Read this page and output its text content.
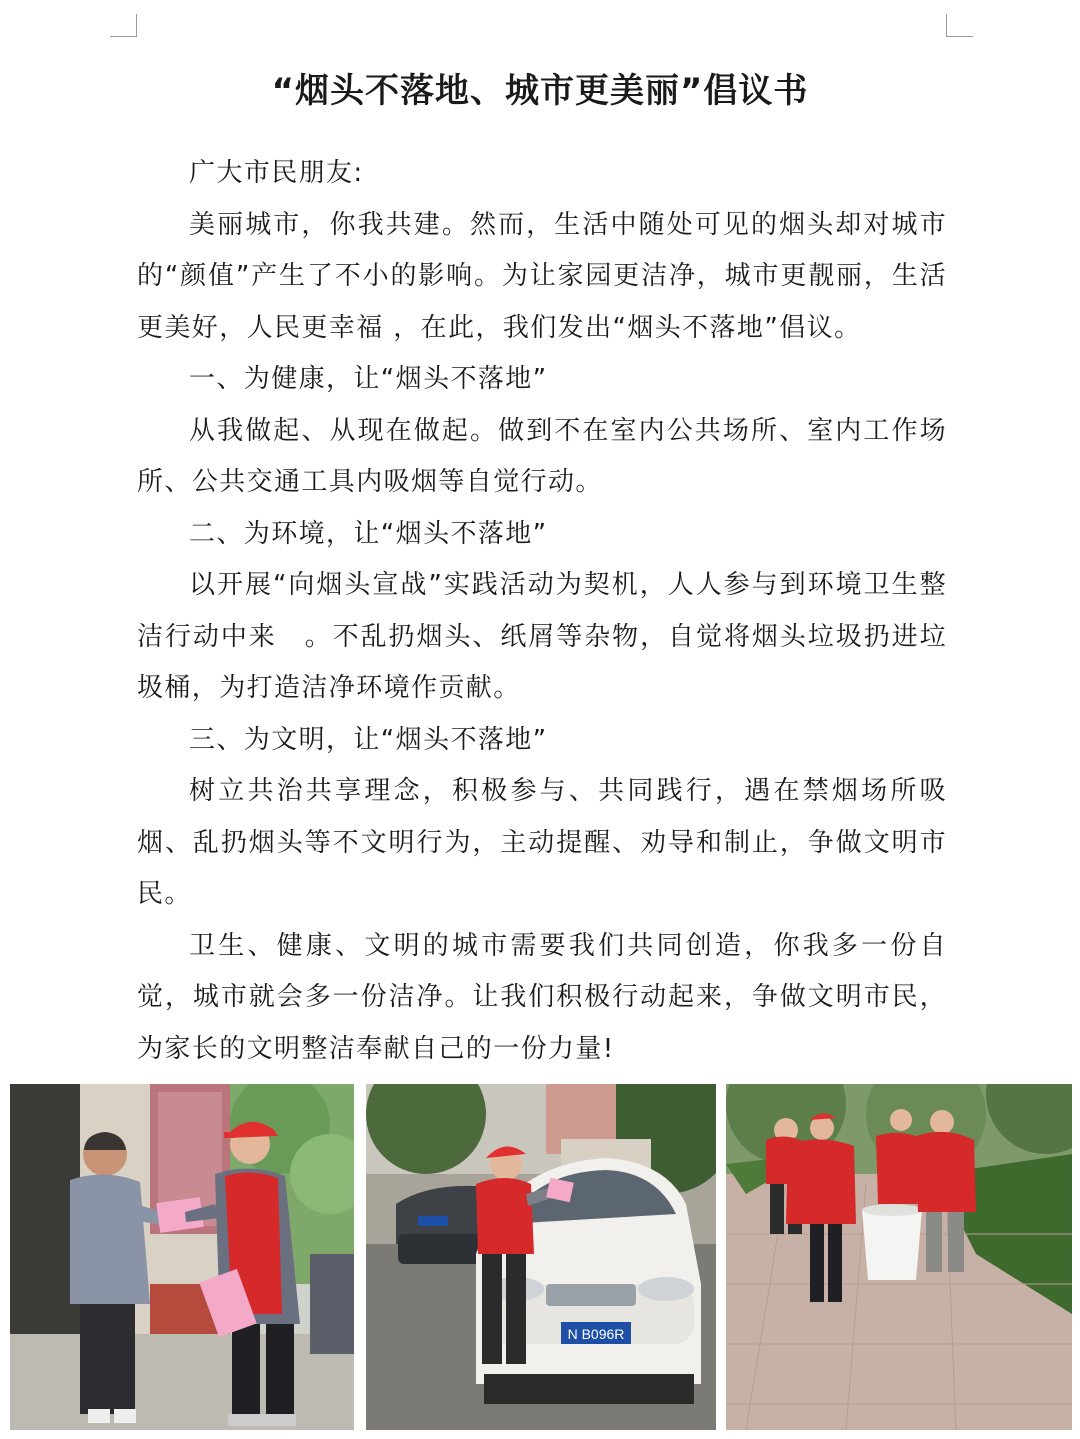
“烟头不落地、城市更美丽”倡议书

广大市民朋友:

美丽城市，你我共建。然而，生活中随处可见的烟头却对城市的“颜值”产生了不小的影响。为让家园更洁净，城市更靓丽，生活更美好，人民更幸福 ，在此，我们发出“烟头不落地”倡议。

一、为健康，让“烟头不落地”

从我做起、从现在做起。做到不在室内公共场所、室内工作场所、公共交通工具内吸烟等自觉行动。

二、为环境，让“烟头不落地”

以开展“向烟头宣战”实践活动为契机，人人参与到环境卫生整洁行动中来　。不乱扔烟头、纸屑等杂物，自觉将烟头垃圾扔进垃圾桶，为打造洁净环境作贡献。

三、为文明，让“烟头不落地”

树立共治共享理念，积极参与、共同践行，遇在禁烟场所吸烟、乱扔烟头等不文明行为，主动提醒、劝导和制止，争做文明市民。

卫生、健康、文明的城市需要我们共同创造，你我多一份自觉，城市就会多一份洁净。让我们积极行动起来，争做文明市民，为家长的文明整洁奉献自己的一份力量!

N B096R
